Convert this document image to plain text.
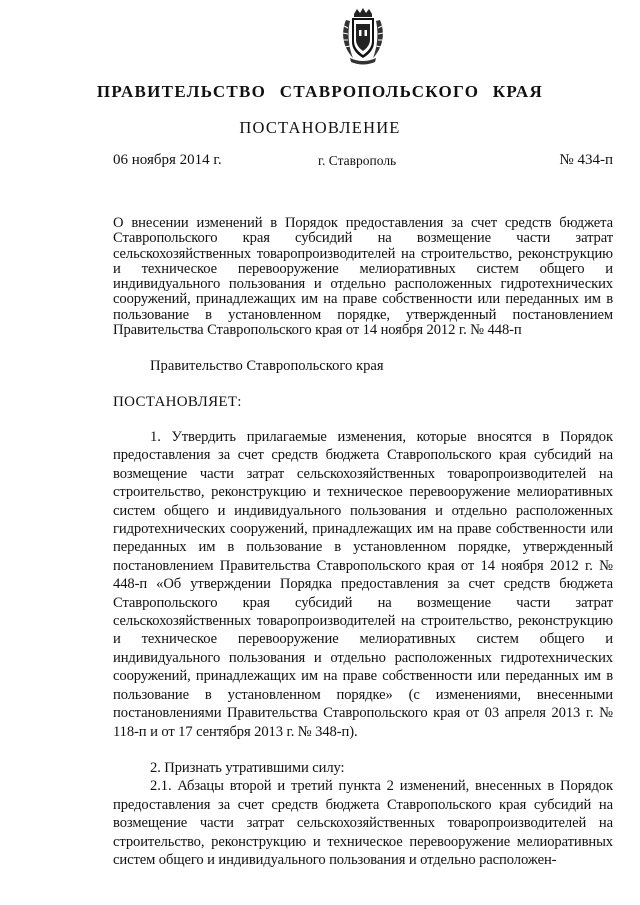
ПРАВИТЕЛЬСТВО СТАВРОПОЛЬСКОГО КРАЯ
ПОСТАНОВЛЕНИЕ
06 ноября 2014 г.	г. Ставрополь	№ 434-п
О внесении изменений в Порядок предоставления за счет средств бюджета Ставропольского края субсидий на возмещение части затрат сельскохозяйственных товаропроизводителей на строительство, реконструкцию и техническое перевооружение мелиоративных систем общего и индивидуального пользования и отдельно расположенных гидротехнических сооружений, принадлежащих им на праве собственности или переданных им в пользование в установленном порядке, утвержденный постановлением Правительства Ставропольского края от 14 ноября 2012 г. № 448-п
Правительство Ставропольского края
ПОСТАНОВЛЯЕТ:

1. Утвердить прилагаемые изменения, которые вносятся в Порядок предоставления за счет средств бюджета Ставропольского края субсидий на возмещение части затрат сельскохозяйственных товаропроизводителей на строительство, реконструкцию и техническое перевооружение мелиоративных систем общего и индивидуального пользования и отдельно расположенных гидротехнических сооружений, принадлежащих им на праве собственности или переданных им в пользование в установленном порядке, утвержденный постановлением Правительства Ставропольского края от 14 ноября 2012 г. № 448-п «Об утверждении Порядка предоставления за счет средств бюджета Ставропольского края субсидий на возмещение части затрат сельскохозяйственных товаропроизводителей на строительство, реконструкцию и техническое перевооружение мелиоративных систем общего и индивидуального пользования и отдельно расположенных гидротехнических сооружений, принадлежащих им на праве собственности или переданных им в пользование в установленном порядке» (с изменениями, внесенными постановлениями Правительства Ставропольского края от 03 апреля 2013 г. № 118-п и от 17 сентября 2013 г. № 348-п).

2. Признать утратившими силу:

2.1. Абзацы второй и третий пункта 2 изменений, внесенных в Порядок предоставления за счет средств бюджета Ставропольского края субсидий на возмещение части затрат сельскохозяйственных товаропроизводителей на строительство, реконструкцию и техническое перевооружение мелиоративных систем общего и индивидуального пользования и отдельно расположен-
